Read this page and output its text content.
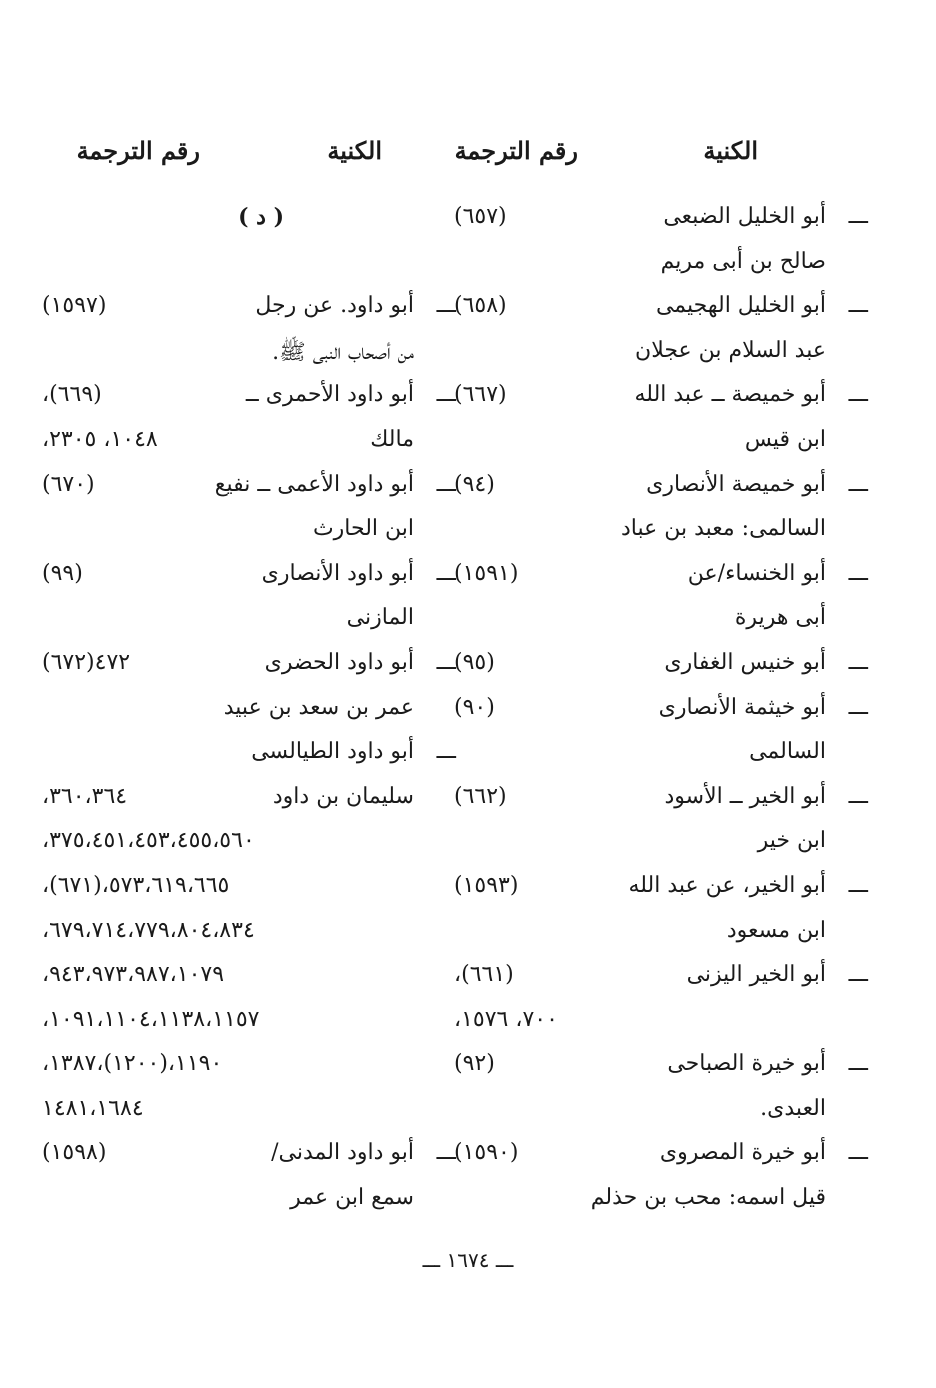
الكنية
رقم الترجمة
الكنية
رقم الترجمة
ـــ
أبو الخليل الضبعى
(٦٥٧)
صالح بن أبى مريم
ـــ
أبو الخليل الهجيمى
(٦٥٨)
عبد السلام بن عجلان
ـــ
أبو خميصة ــ عبد الله
(٦٦٧)
ابن قيس
ـــ
أبو خميصة الأنصارى
(٩٤)
السالمى: معبد بن عباد
ـــ
أبو الخنساء/عن
(١٥٩١)
أبى هريرة
ـــ
أبو خنيس الغفارى
(٩٥)
ـــ
أبو خيثمة الأنصارى
(٩٠)
السالمى
ـــ
أبو الخير ــ الأسود
(٦٦٢)
ابن خير
ـــ
أبو الخير، عن عبد الله
(١٥٩٣)
ابن مسعود
ـــ
أبو الخير اليزنى
(٦٦١)،
٧٠٠، ١٥٧٦،
ـــ
أبو خيرة الصباحى
(٩٢)
العبدى.
ـــ
أبو خيرة المصروى
(١٥٩٠)
قيل اسمه: محب بن حذلم
( د )
ـــ
أبو داود. عن رجل
(١٥٩٧)
من أصحاب النبى ﷺ.
ـــ
أبو داود الأحمرى ــ
(٦٦٩)،
مالك
١٠٤٨، ٢٣٠٥،
ـــ
أبو داود الأعمى ــ نفيع
(٦٧٠)
ابن الحارث
ـــ
أبو داود الأنصارى
(٩٩)
المازنى
ـــ
أبو داود الحضرى
٤٧٢(٦٧٢)
عمر بن سعد بن عبيد
ـــ
أبو داود الطيالسى
سليمان بن داود
٣٦٠،٣٦٤،
٣٧٥،٤٥١،٤٥٣،٤٥٥،٥٦٠،
٥٧٣،٦١٩،٦٦٥،(٦٧١)،
٦٧٩،٧١٤،٧٧٩،٨٠٤،٨٣٤،
٩٤٣،٩٧٣،٩٨٧،١٠٧٩،
١٠٩١،١١٠٤،١١٣٨،١١٥٧،
١١٩٠،(١٢٠٠)،١٣٨٧،
١٤٨١،١٦٨٤
ـــ
أبو داود المدنى/
(١٥٩٨)
سمع ابن عمر
ـــ ١٦٧٤ ـــ
